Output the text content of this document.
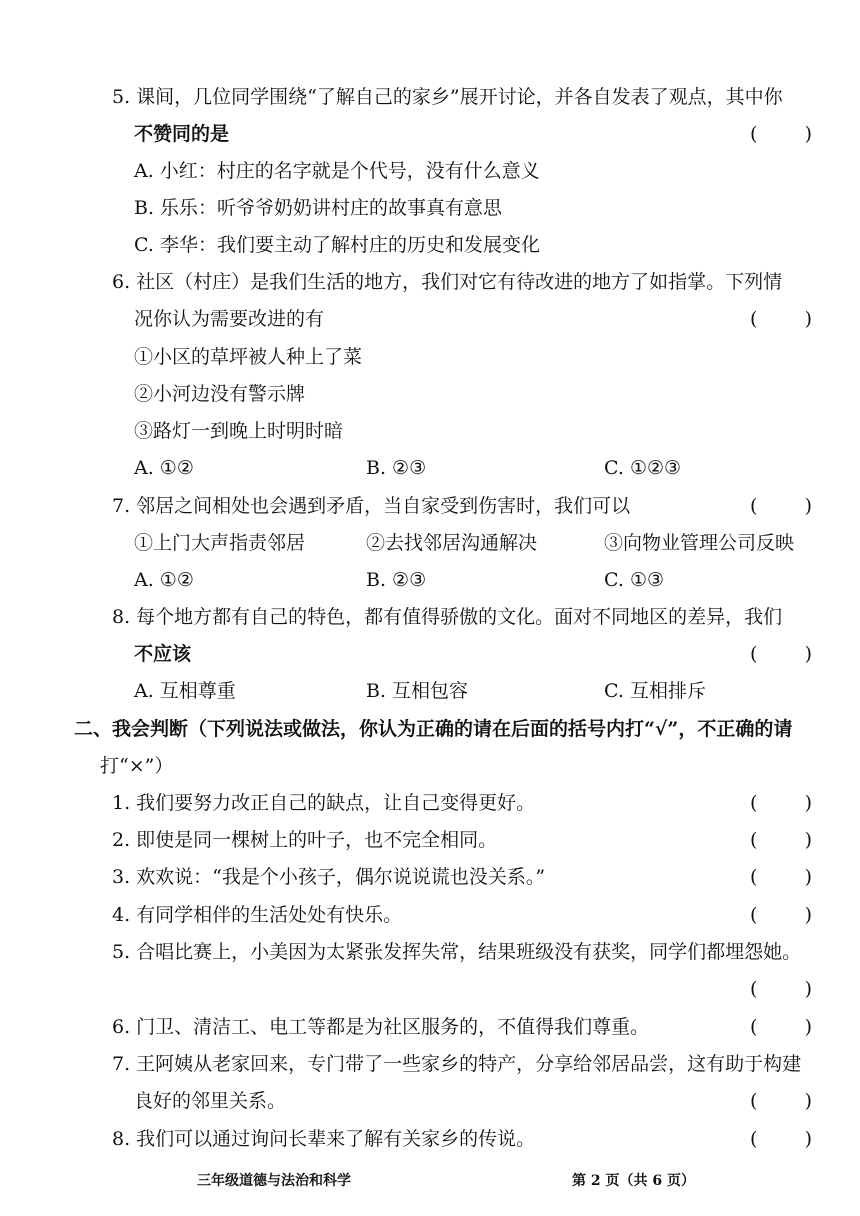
5. 课间，几位同学围绕“了解自己的家乡”展开讨论，并各自发表了观点，其中你
不赞同的是	( )
A. 小红：村庄的名字就是个代号，没有什么意义
B. 乐乐：听爷爷奶奶讲村庄的故事真有意思
C. 李华：我们要主动了解村庄的历史和发展变化
6. 社区（村庄）是我们生活的地方，我们对它有待改进的地方了如指掌。下列情
况你认为需要改进的有	( )
①小区的草坪被人种上了菜
②小河边没有警示牌
③路灯一到晚上时明时暗
A. ①②	B. ②③	C. ①②③
7. 邻居之间相处也会遇到矛盾，当自家受到伤害时，我们可以	( )
①上门大声指责邻居	②去找邻居沟通解决	③向物业管理公司反映
A. ①②	B. ②③	C. ①③
8. 每个地方都有自己的特色，都有值得骄傲的文化。面对不同地区的差异，我们
不应该	( )
A. 互相尊重	B. 互相包容	C. 互相排斥
二、我会判断（下列说法或做法，你认为正确的请在后面的括号内打“√”，不正确的请
打“×”）
1. 我们要努力改正自己的缺点，让自己变得更好。	( )
2. 即使是同一棵树上的叶子，也不完全相同。	( )
3. 欢欢说：“我是个小孩子，偶尔说说谎也没关系。”	( )
4. 有同学相伴的生活处处有快乐。	( )
5. 合唱比赛上，小美因为太紧张发挥失常，结果班级没有获奖，同学们都埋怨她。
( )
6. 门卫、清洁工、电工等都是为社区服务的，不值得我们尊重。	( )
7. 王阿姨从老家回来，专门带了一些家乡的特产，分享给邻居品尝，这有助于构建
良好的邻里关系。	( )
8. 我们可以通过询问长辈来了解有关家乡的传说。	( )
三年级道德与法治和科学	第 2 页（共 6 页）
